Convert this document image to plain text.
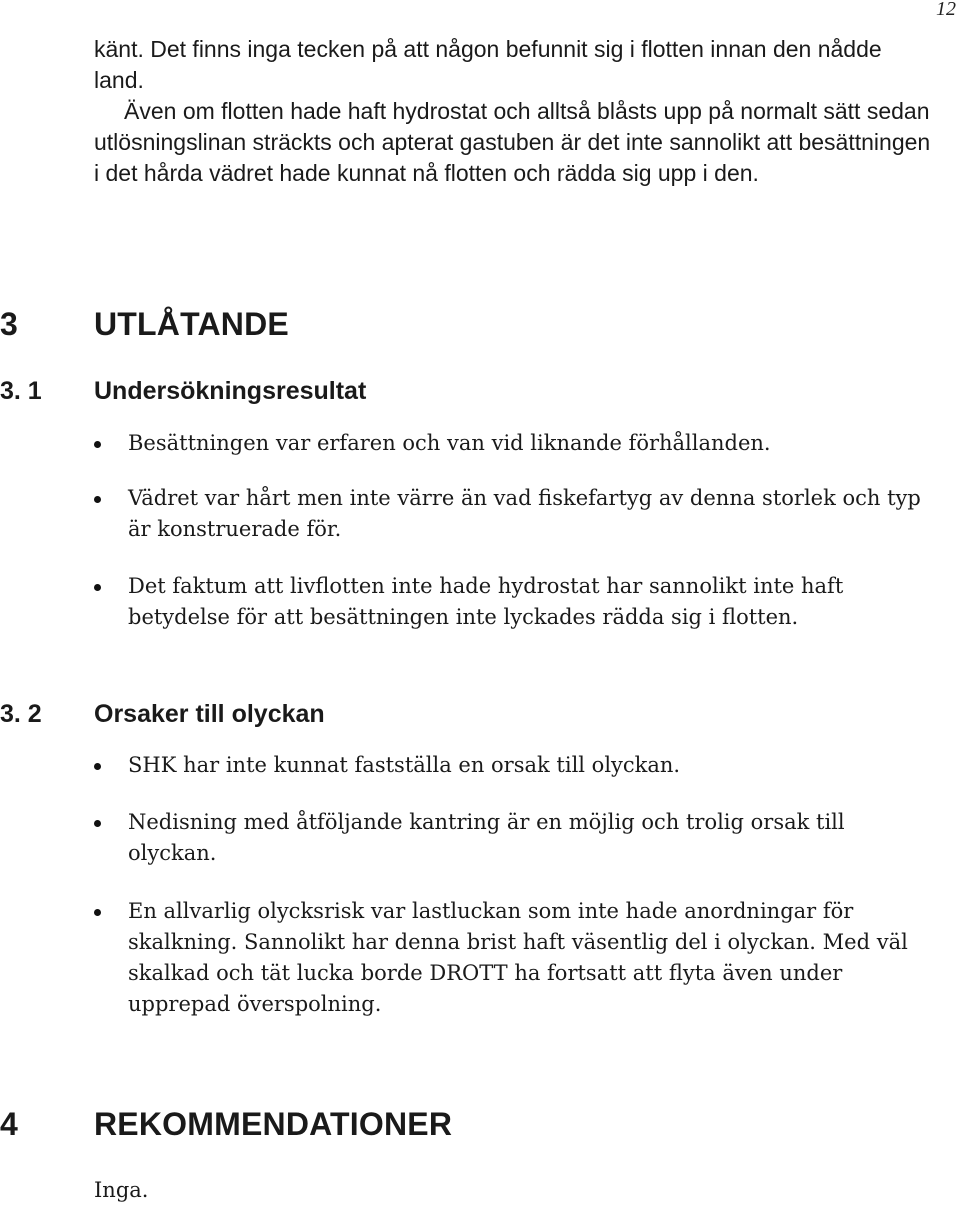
12

känt. Det finns inga tecken på att någon befunnit sig i flotten innan den nådde land.

Även om flotten hade haft hydrostat och alltså blåsts upp på normalt sätt sedan utlösningslinan sträckts och apterat gastuben är det inte sannolikt att besättningen i det hårda vädret hade kunnat nå flotten och rädda sig upp i den.

3 UTLÅTANDE
3. 1 Undersökningsresultat
Besättningen var erfaren och van vid liknande förhållanden.
Vädret var hårt men inte värre än vad fiskefartyg av denna storlek och typ är konstruerade för.
Det faktum att livflotten inte hade hydrostat har sannolikt inte haft betydelse för att besättningen inte lyckades rädda sig i flotten.
3. 2 Orsaker till olyckan
SHK har inte kunnat fastställa en orsak till olyckan.
Nedisning med åtföljande kantring är en möjlig och trolig orsak till olyckan.
En allvarlig olycksrisk var lastluckan som inte hade anordningar för skalkning. Sannolikt har denna brist haft väsentlig del i olyckan. Med väl skalkad och tät lucka borde DROTT ha fortsatt att flyta även under upprepad överspolning.
4 REKOMMENDATIONER

Inga.
